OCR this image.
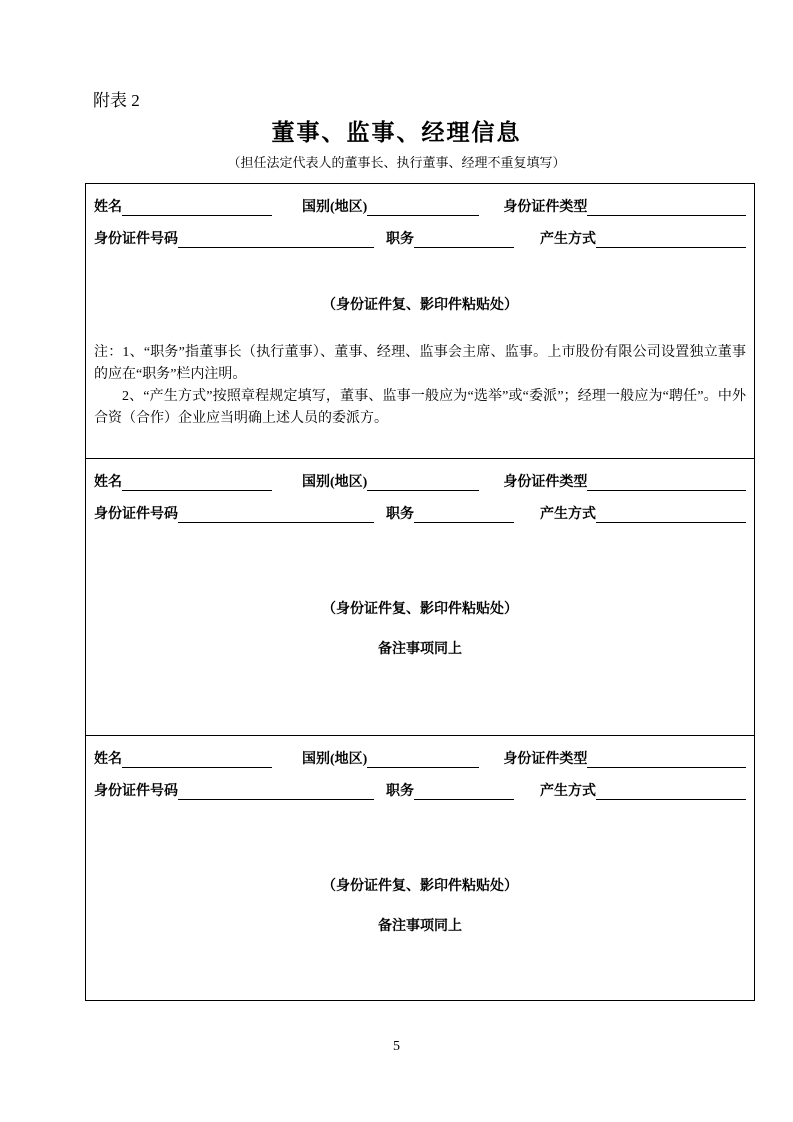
附表 2
董事、监事、经理信息
（担任法定代表人的董事长、执行董事、经理不重复填写）
姓名	国别(地区)	身份证件类型
身份证件号码	职务	产生方式
（身份证件复、影印件粘贴处）

注：1、“职务”指董事长（执行董事）、董事、经理、监事会主席、监事。上市股份有限公司设置独立董事的应在“职务”栏内注明。

2、“产生方式”按照章程规定填写，董事、监事一般应为“选举”或“委派”；经理一般应为“聘任”。中外合资（合作）企业应当明确上述人员的委派方。

姓名	国别(地区)	身份证件类型
身份证件号码	职务	产生方式
（身份证件复、影印件粘贴处）
备注事项同上
姓名	国别(地区)	身份证件类型
身份证件号码	职务	产生方式
（身份证件复、影印件粘贴处）
备注事项同上
5
